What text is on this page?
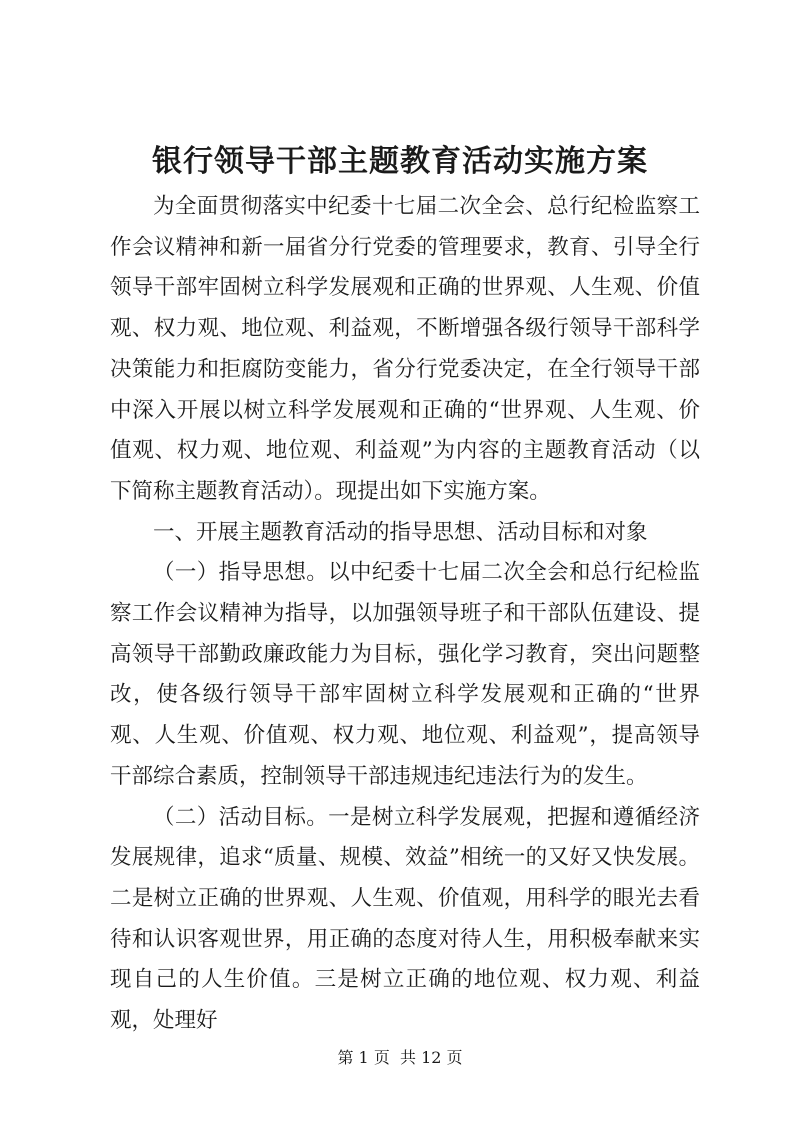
银行领导干部主题教育活动实施方案

为全面贯彻落实中纪委十七届二次全会、总行纪检监察工作会议精神和新一届省分行党委的管理要求，教育、引导全行领导干部牢固树立科学发展观和正确的世界观、人生观、价值观、权力观、地位观、利益观，不断增强各级行领导干部科学决策能力和拒腐防变能力，省分行党委决定，在全行领导干部中深入开展以树立科学发展观和正确的“世界观、人生观、价值观、权力观、地位观、利益观”为内容的主题教育活动（以下简称主题教育活动）。现提出如下实施方案。

一、开展主题教育活动的指导思想、活动目标和对象

（一）指导思想。以中纪委十七届二次全会和总行纪检监察工作会议精神为指导，以加强领导班子和干部队伍建设、提高领导干部勤政廉政能力为目标，强化学习教育，突出问题整改，使各级行领导干部牢固树立科学发展观和正确的“世界观、人生观、价值观、权力观、地位观、利益观”，提高领导干部综合素质，控制领导干部违规违纪违法行为的发生。

（二）活动目标。一是树立科学发展观，把握和遵循经济发展规律，追求“质量、规模、效益”相统一的又好又快发展。二是树立正确的世界观、人生观、价值观，用科学的眼光去看待和认识客观世界，用正确的态度对待人生，用积极奉献来实现自己的人生价值。三是树立正确的地位观、权力观、利益观，处理好

第 1 页  共 12 页
